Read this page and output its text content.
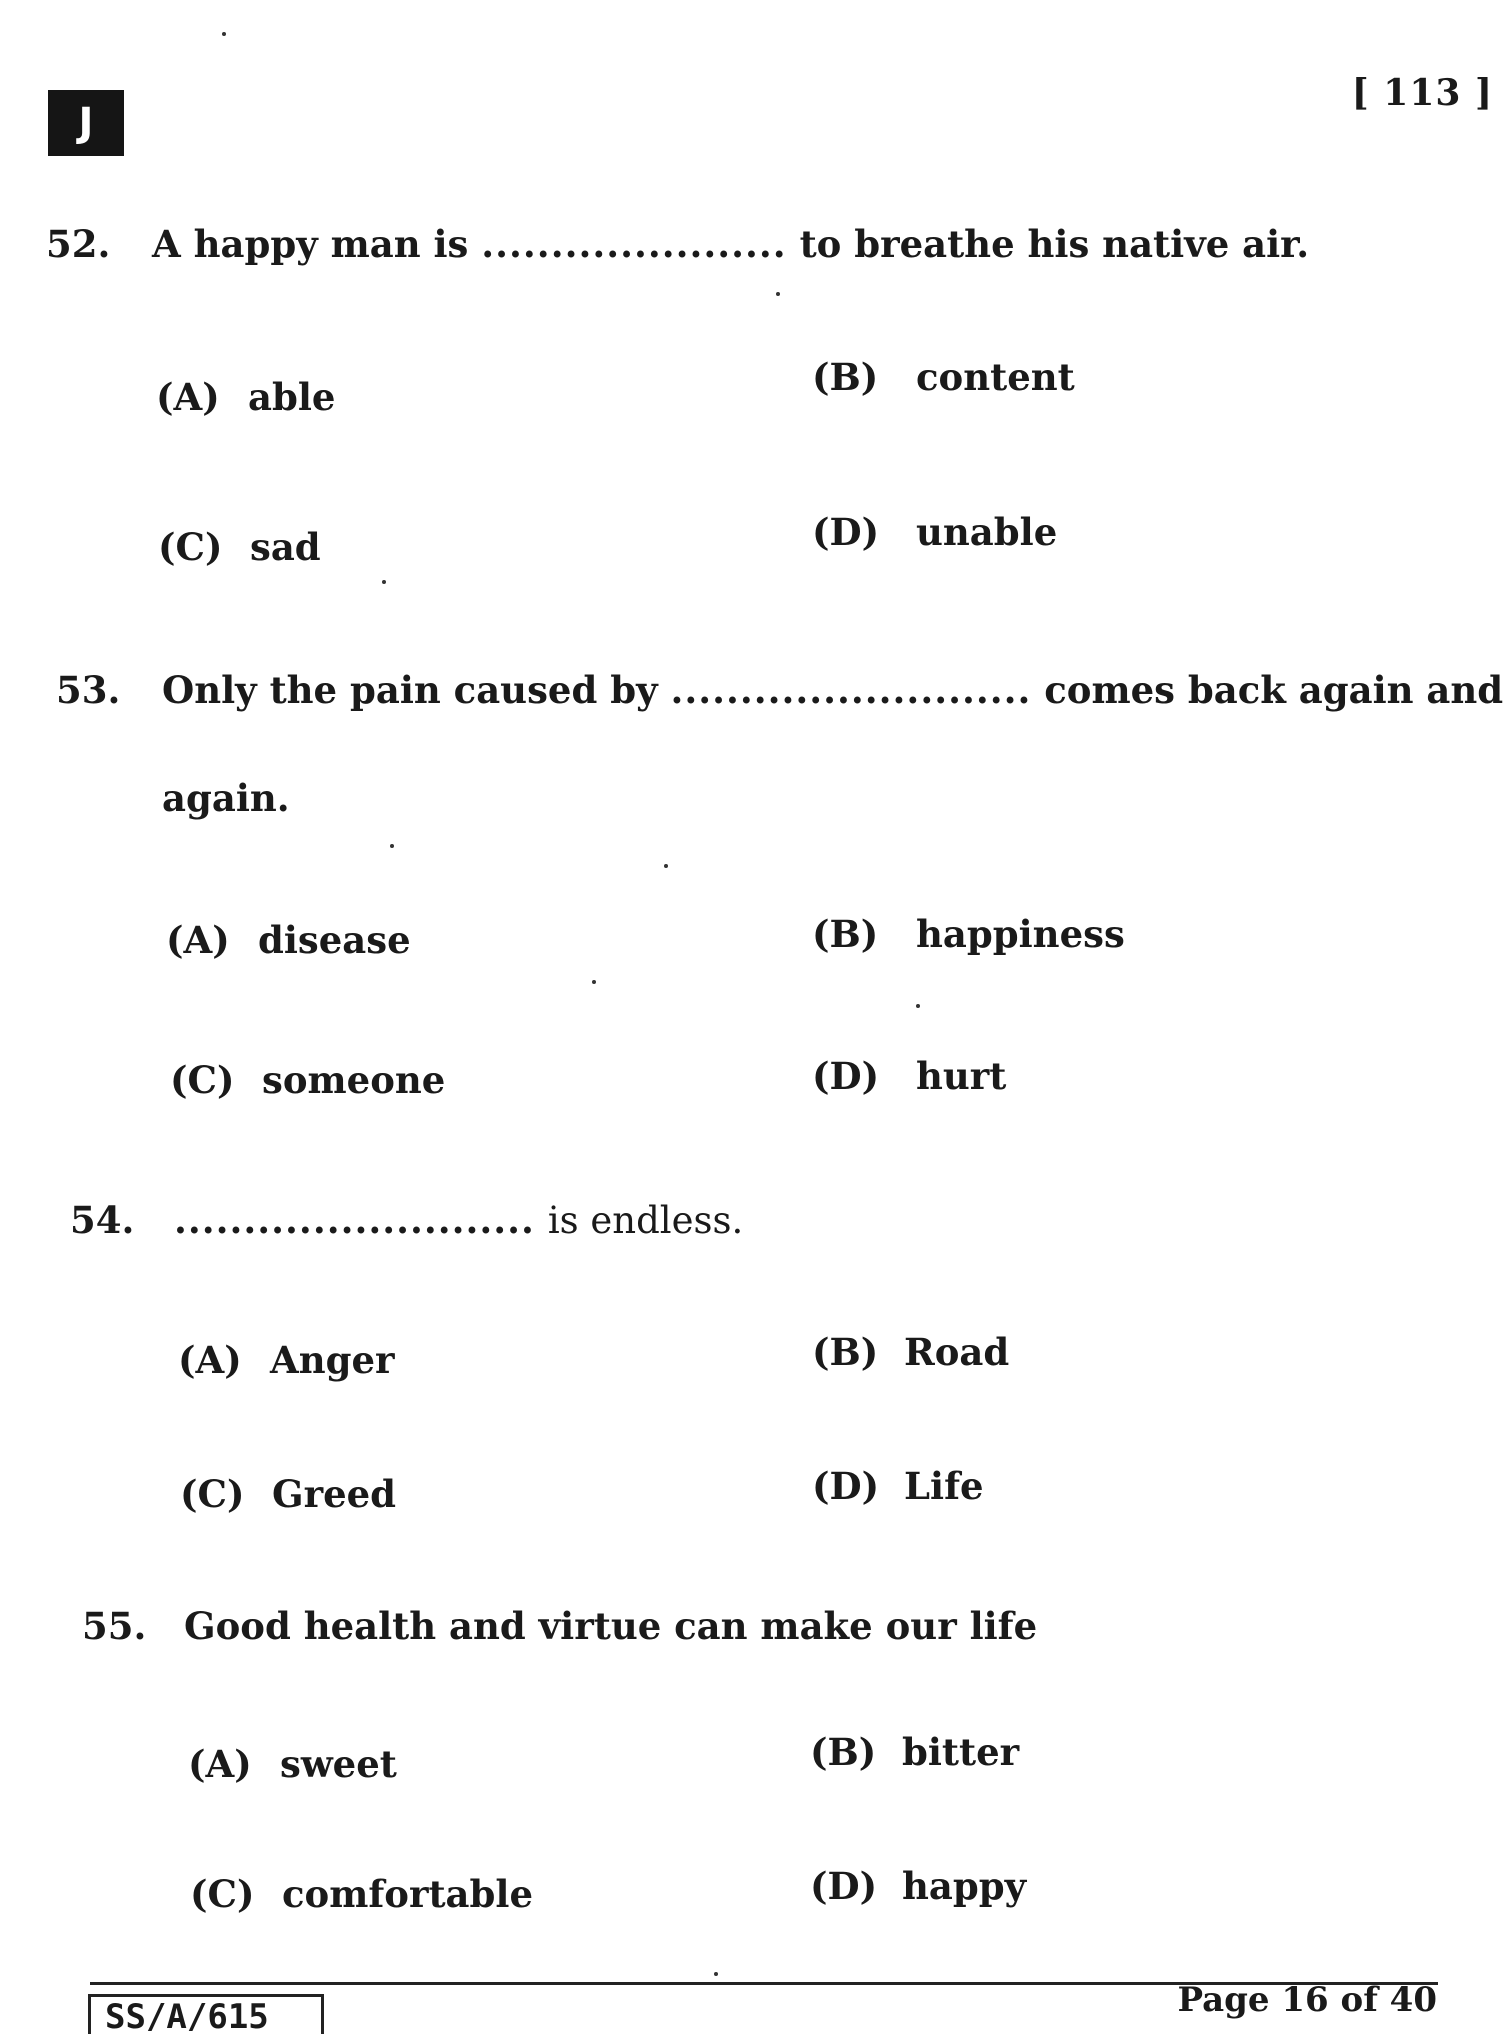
J
[ 113 ]
52. A happy man is ...................... to breathe his native air.
(A) able	(B) content
(C) sad	(D) unable
53. Only the pain caused by .......................... comes back again and
again.
(A) disease	(B) happiness
(C) someone	(D) hurt
54. .......................... is endless.
(A) Anger	(B) Road
(C) Greed	(D) Life
55. Good health and virtue can make our life
(A) sweet	(B) bitter
(C) comfortable	(D) happy
SS/A/615	Page 16 of 40
